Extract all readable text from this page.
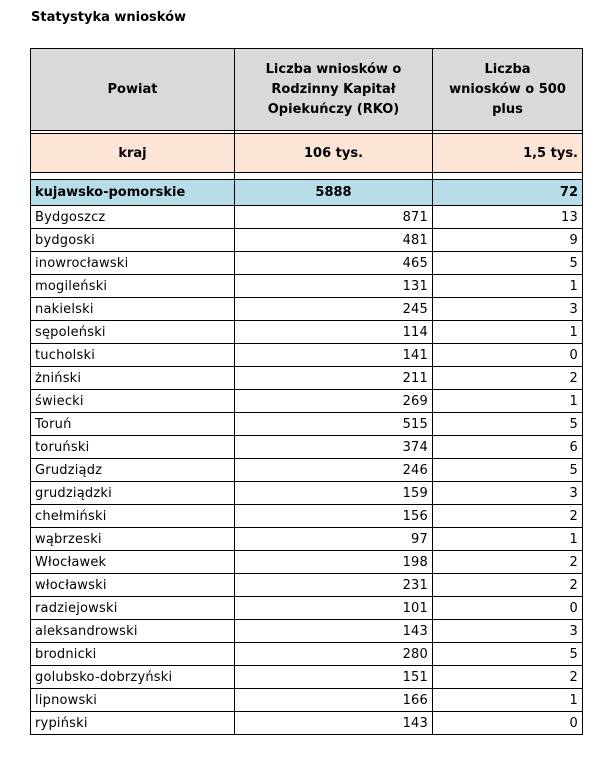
Statystyka wniosków
Powiat	Liczba wniosków o Rodzinny Kapitał Opiekuńczy (RKO)	Liczba wniosków o 500 plus

kraj	106 tys.	1,5 tys.

kujawsko-pomorskie	5888	72
Bydgoszcz	871	13
bydgoski	481	9
inowrocławski	465	5
mogileński	131	1
nakielski	245	3
sępoleński	114	1
tucholski	141	0
żniński	211	2
świecki	269	1
Toruń	515	5
toruński	374	6
Grudziądz	246	5
grudziądzki	159	3
chełmiński	156	2
wąbrzeski	97	1
Włocławek	198	2
włocławski	231	2
radziejowski	101	0
aleksandrowski	143	3
brodnicki	280	5
golubsko-dobrzyński	151	2
lipnowski	166	1
rypiński	143	0
